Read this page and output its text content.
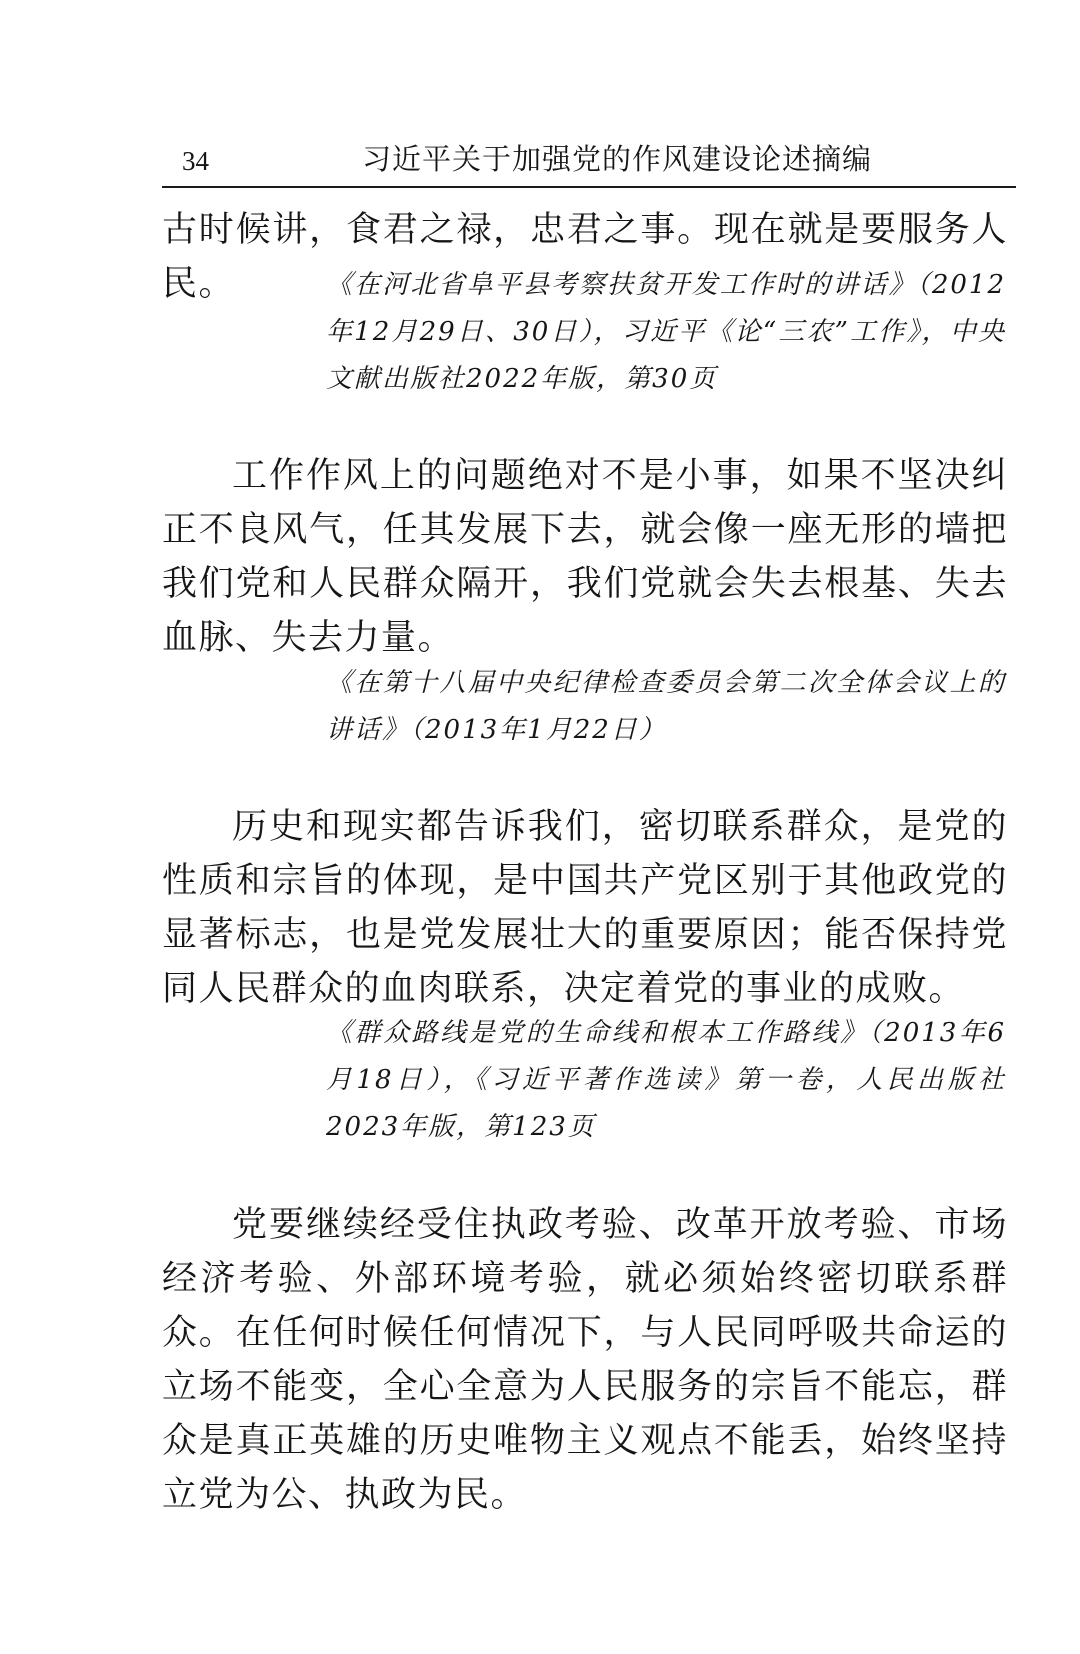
34	习近平关于加强党的作风建设论述摘编

古时候讲，食君之禄，忠君之事。现在就是要服务人民。	《在河北省阜平县考察扶贫开发工作时的讲话》（2012年12月29日、30日），习近平《论“三农”工作》，中央文献出版社2022年版，第30页

工作作风上的问题绝对不是小事，如果不坚决纠正不良风气，任其发展下去，就会像一座无形的墙把我们党和人民群众隔开，我们党就会失去根基、失去血脉、失去力量。

《在第十八届中央纪律检查委员会第二次全体会议上的讲话》（2013年1月22日）

历史和现实都告诉我们，密切联系群众，是党的性质和宗旨的体现，是中国共产党区别于其他政党的显著标志，也是党发展壮大的重要原因；能否保持党同人民群众的血肉联系，决定着党的事业的成败。

《群众路线是党的生命线和根本工作路线》（2013年6月18日），《习近平著作选读》第一卷，人民出版社2023年版，第123页

党要继续经受住执政考验、改革开放考验、市场经济考验、外部环境考验，就必须始终密切联系群众。在任何时候任何情况下，与人民同呼吸共命运的立场不能变，全心全意为人民服务的宗旨不能忘，群众是真正英雄的历史唯物主义观点不能丢，始终坚持立党为公、执政为民。
